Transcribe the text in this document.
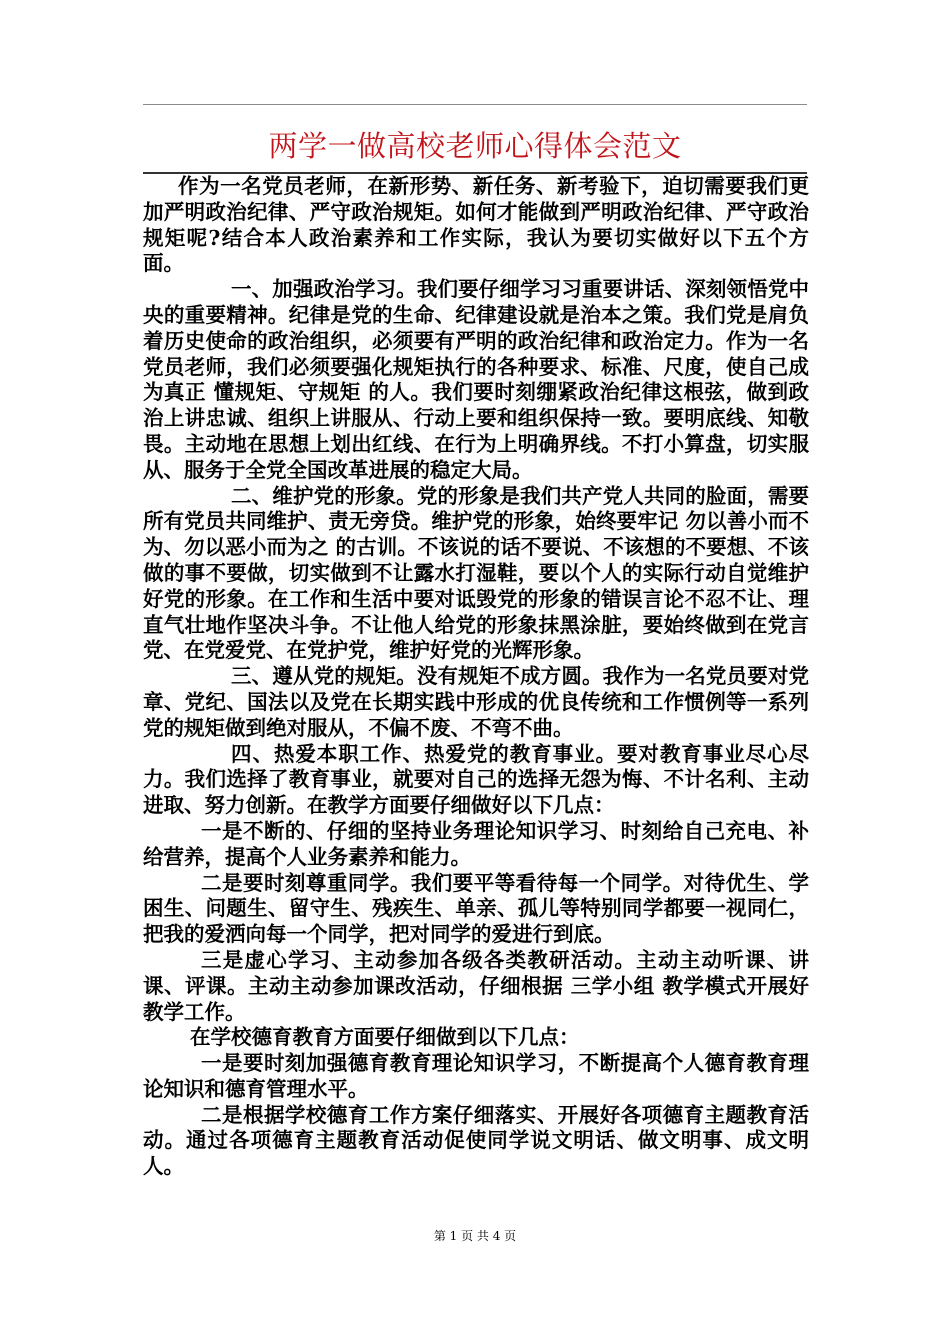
两学一做高校老师心得体会范文

作为一名党员老师，在新形势、新任务、新考验下，迫切需要我们更加严明政治纪律、严守政治规矩。如何才能做到严明政治纪律、严守政治规矩呢?结合本人政治素养和工作实际，我认为要切实做好以下五个方面。

一、加强政治学习。我们要仔细学习习重要讲话、深刻领悟党中央的重要精神。纪律是党的生命、纪律建设就是治本之策。我们党是肩负着历史使命的政治组织，必须要有严明的政治纪律和政治定力。作为一名党员老师，我们必须要强化规矩执行的各种要求、标准、尺度，使自己成为真正 懂规矩、守规矩 的人。我们要时刻绷紧政治纪律这根弦，做到政治上讲忠诚、组织上讲服从、行动上要和组织保持一致。要明底线、知敬畏。主动地在思想上划出红线、在行为上明确界线。不打小算盘，切实服从、服务于全党全国改革进展的稳定大局。

二、维护党的形象。党的形象是我们共产党人共同的脸面，需要所有党员共同维护、责无旁贷。维护党的形象，始终要牢记 勿以善小而不为、勿以恶小而为之 的古训。不该说的话不要说、不该想的不要想、不该做的事不要做，切实做到不让露水打湿鞋，要以个人的实际行动自觉维护好党的形象。在工作和生活中要对诋毁党的形象的错误言论不忍不让、理直气壮地作坚决斗争。不让他人给党的形象抹黑涂脏，要始终做到在党言党、在党爱党、在党护党，维护好党的光辉形象。

三、遵从党的规矩。没有规矩不成方圆。我作为一名党员要对党章、党纪、国法以及党在长期实践中形成的优良传统和工作惯例等一系列党的规矩做到绝对服从，不偏不废、不弯不曲。

四、热爱本职工作、热爱党的教育事业。要对教育事业尽心尽力。我们选择了教育事业，就要对自己的选择无怨为悔、不计名利、主动进取、努力创新。在教学方面要仔细做好以下几点：

一是不断的、仔细的坚持业务理论知识学习、时刻给自己充电、补给营养，提高个人业务素养和能力。

二是要时刻尊重同学。我们要平等看待每一个同学。对待优生、学困生、问题生、留守生、残疾生、单亲、孤儿等特别同学都要一视同仁，把我的爱洒向每一个同学，把对同学的爱进行到底。

三是虚心学习、主动参加各级各类教研活动。主动主动听课、讲课、评课。主动主动参加课改活动，仔细根据 三学小组 教学模式开展好教学工作。

在学校德育教育方面要仔细做到以下几点：

一是要时刻加强德育教育理论知识学习，不断提高个人德育教育理论知识和德育管理水平。

二是根据学校德育工作方案仔细落实、开展好各项德育主题教育活动。通过各项德育主题教育活动促使同学说文明话、做文明事、成文明人。

第 1 页 共 4 页
